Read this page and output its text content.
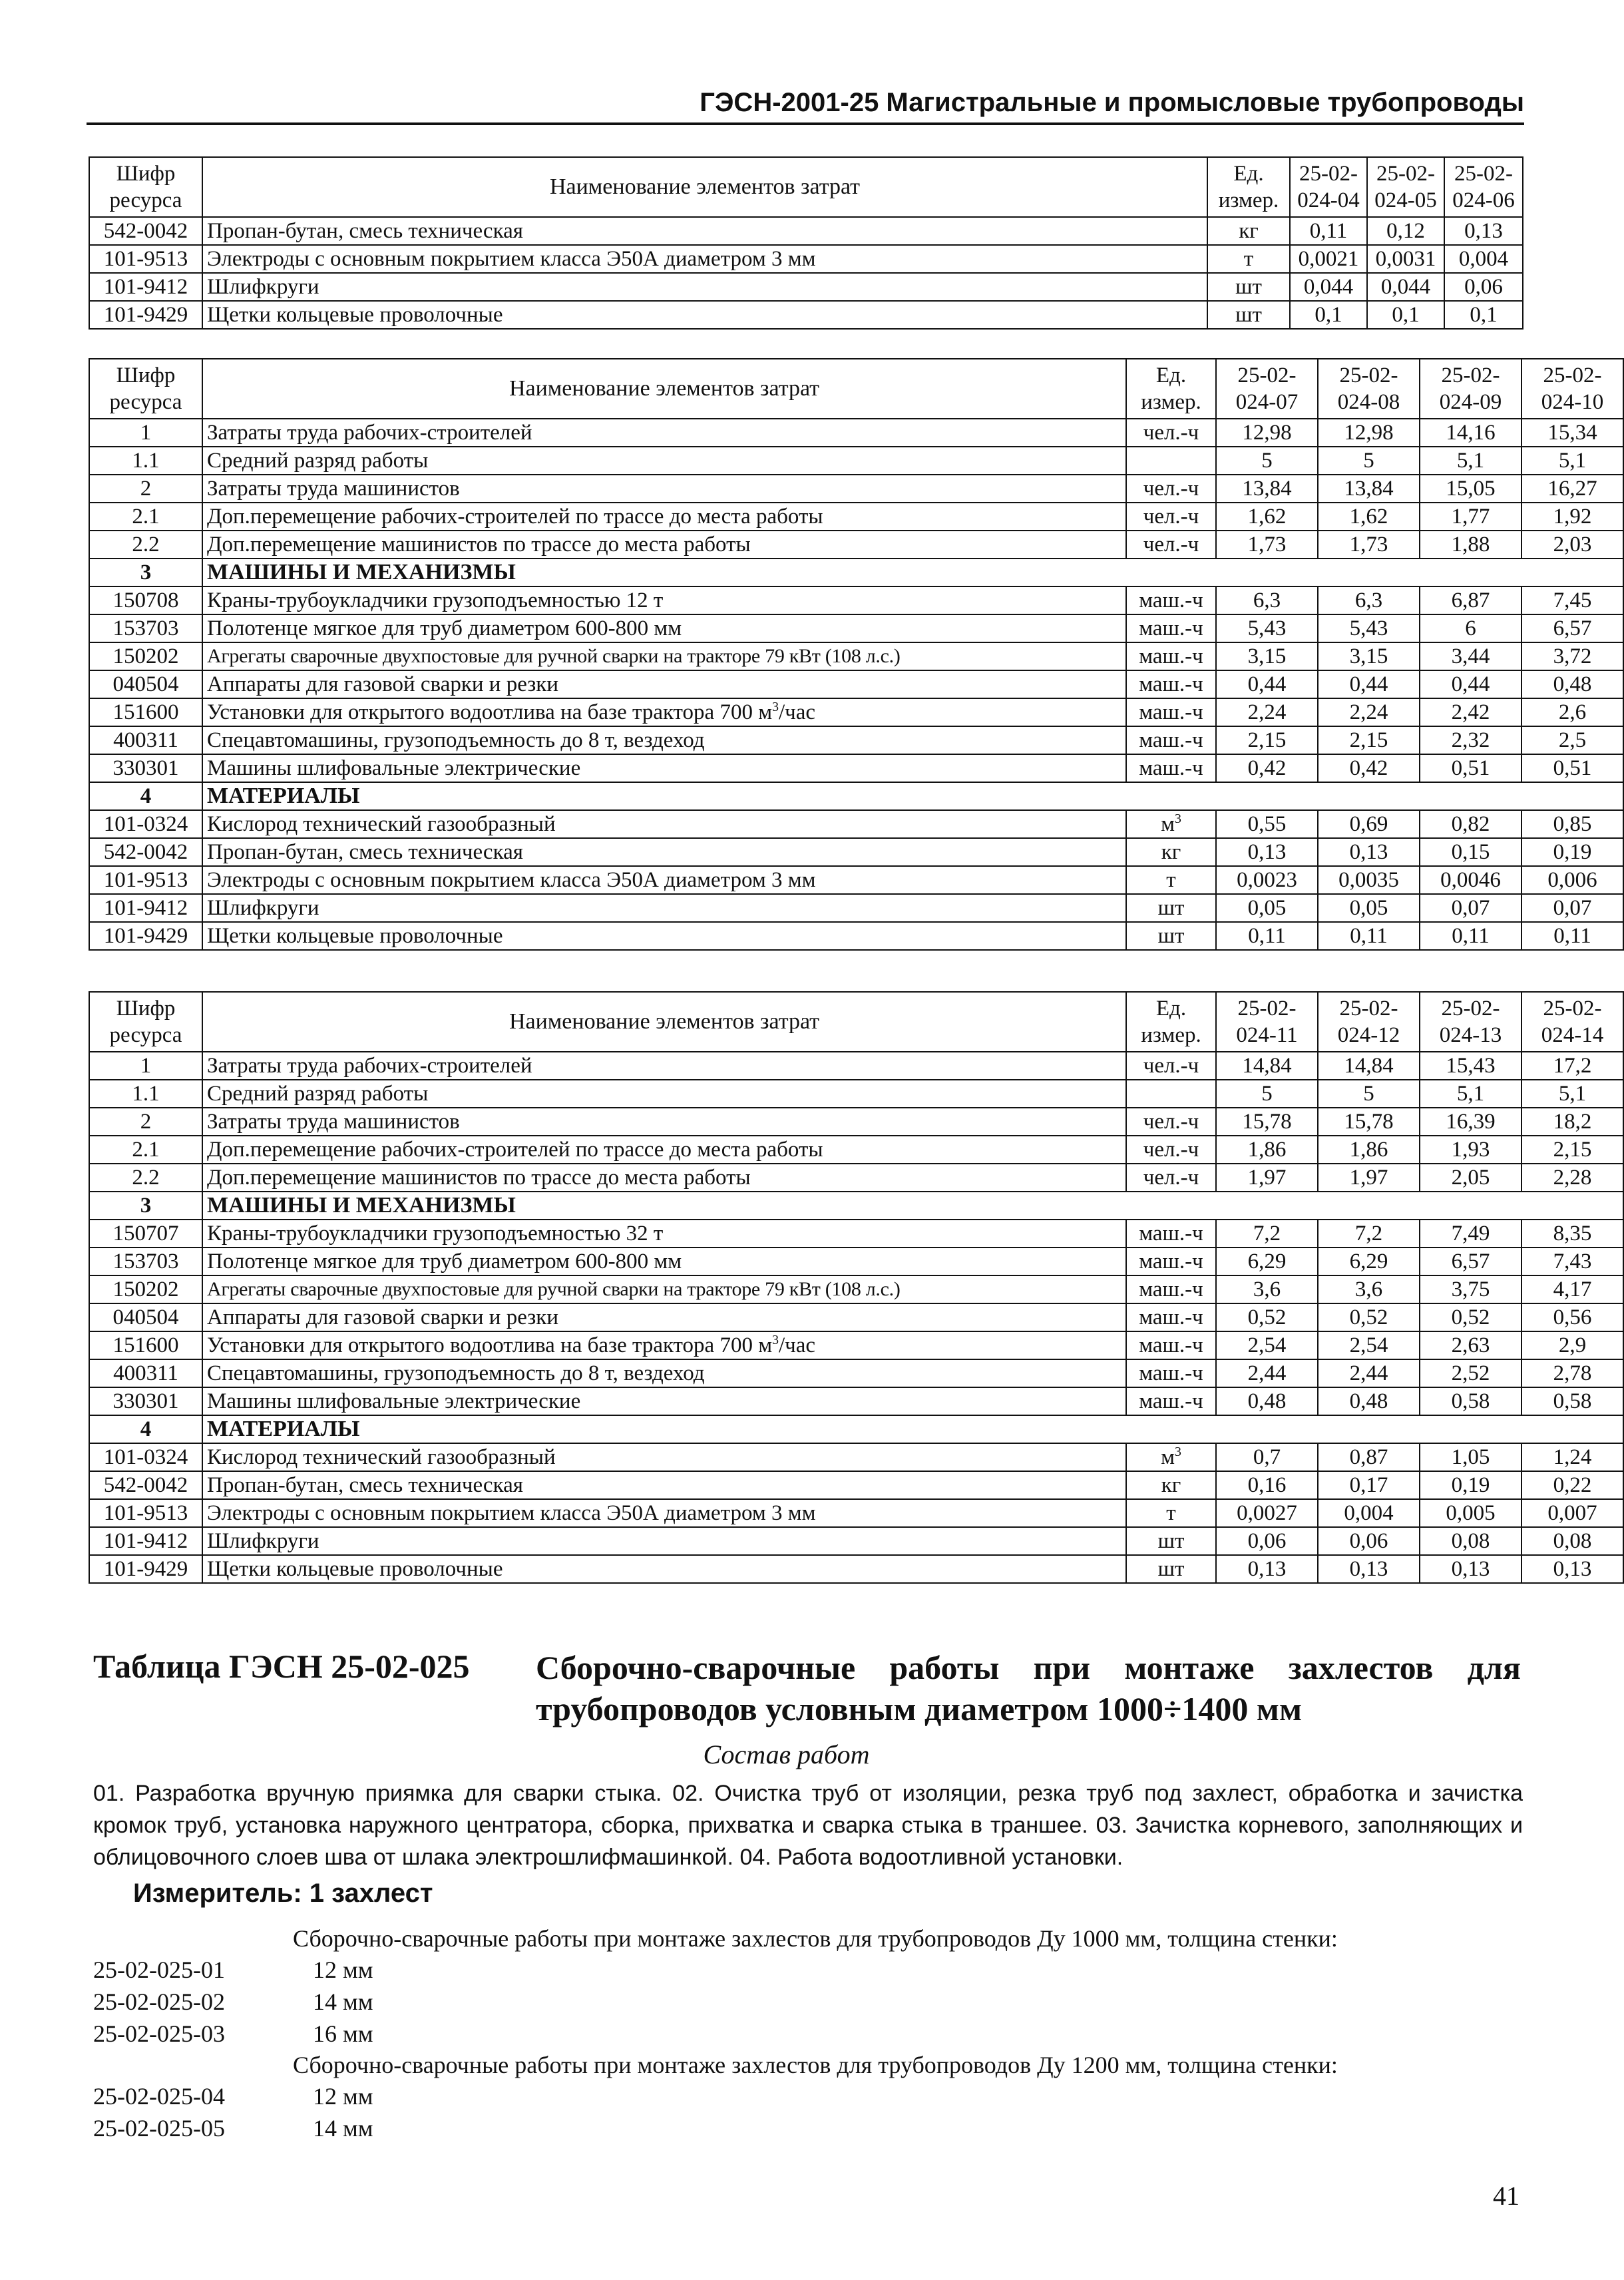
ГЭСН-2001-25 Магистральные и промысловые трубопроводы
Шифр ресурса	Наименование элементов затрат	Ед. измер.	25-02-024-04	25-02-024-05	25-02-024-06
542-0042	Пропан-бутан, смесь техническая	кг	0,11	0,12	0,13
101-9513	Электроды с основным покрытием класса Э50А диаметром 3 мм	т	0,0021	0,0031	0,004
101-9412	Шлифкруги	шт	0,044	0,044	0,06
101-9429	Щетки кольцевые проволочные	шт	0,1	0,1	0,1
Шифр ресурса	Наименование элементов затрат	Ед. измер.	25-02-024-07	25-02-024-08	25-02-024-09	25-02-024-10
1	Затраты труда рабочих-строителей	чел.-ч	12,98	12,98	14,16	15,34
1.1	Средний разряд работы		5	5	5,1	5,1
2	Затраты труда машинистов	чел.-ч	13,84	13,84	15,05	16,27
2.1	Доп.перемещение рабочих-строителей по трассе до места работы	чел.-ч	1,62	1,62	1,77	1,92
2.2	Доп.перемещение машинистов по трассе до места работы	чел.-ч	1,73	1,73	1,88	2,03
3	МАШИНЫ И МЕХАНИЗМЫ					
150708	Краны-трубоукладчики грузоподъемностью 12 т	маш.-ч	6,3	6,3	6,87	7,45
153703	Полотенце мягкое для труб диаметром 600-800 мм	маш.-ч	5,43	5,43	6	6,57
150202	Агрегаты сварочные двухпостовые для ручной сварки на тракторе 79 кВт (108 л.с.)	маш.-ч	3,15	3,15	3,44	3,72
040504	Аппараты для газовой сварки и резки	маш.-ч	0,44	0,44	0,44	0,48
151600	Установки для открытого водоотлива на базе трактора 700 $м^3$/час	маш.-ч	2,24	2,24	2,42	2,6
400311	Спецавтомашины, грузоподъемность до 8 т, вездеход	маш.-ч	2,15	2,15	2,32	2,5
330301	Машины шлифовальные электрические	маш.-ч	0,42	0,42	0,51	0,51
4	МАТЕРИАЛЫ					
101-0324	Кислород технический газообразный	$м^3$	0,55	0,69	0,82	0,85
542-0042	Пропан-бутан, смесь техническая	кг	0,13	0,13	0,15	0,19
101-9513	Электроды с основным покрытием класса Э50А диаметром 3 мм	т	0,0023	0,0035	0,0046	0,006
101-9412	Шлифкруги	шт	0,05	0,05	0,07	0,07
101-9429	Щетки кольцевые проволочные	шт	0,11	0,11	0,11	0,11
Шифр ресурса	Наименование элементов затрат	Ед. измер.	25-02-024-11	25-02-024-12	25-02-024-13	25-02-024-14
1	Затраты труда рабочих-строителей	чел.-ч	14,84	14,84	15,43	17,2
1.1	Средний разряд работы		5	5	5,1	5,1
2	Затраты труда машинистов	чел.-ч	15,78	15,78	16,39	18,2
2.1	Доп.перемещение рабочих-строителей по трассе до места работы	чел.-ч	1,86	1,86	1,93	2,15
2.2	Доп.перемещение машинистов по трассе до места работы	чел.-ч	1,97	1,97	2,05	2,28
3	МАШИНЫ И МЕХАНИЗМЫ					
150707	Краны-трубоукладчики грузоподъемностью 32 т	маш.-ч	7,2	7,2	7,49	8,35
153703	Полотенце мягкое для труб диаметром 600-800 мм	маш.-ч	6,29	6,29	6,57	7,43
150202	Агрегаты сварочные двухпостовые для ручной сварки на тракторе 79 кВт (108 л.с.)	маш.-ч	3,6	3,6	3,75	4,17
040504	Аппараты для газовой сварки и резки	маш.-ч	0,52	0,52	0,52	0,56
151600	Установки для открытого водоотлива на базе трактора 700 $м^3$/час	маш.-ч	2,54	2,54	2,63	2,9
400311	Спецавтомашины, грузоподъемность до 8 т, вездеход	маш.-ч	2,44	2,44	2,52	2,78
330301	Машины шлифовальные электрические	маш.-ч	0,48	0,48	0,58	0,58
4	МАТЕРИАЛЫ					
101-0324	Кислород технический газообразный	$м^3$	0,7	0,87	1,05	1,24
542-0042	Пропан-бутан, смесь техническая	кг	0,16	0,17	0,19	0,22
101-9513	Электроды с основным покрытием класса Э50А диаметром 3 мм	т	0,0027	0,004	0,005	0,007
101-9412	Шлифкруги	шт	0,06	0,06	0,08	0,08
101-9429	Щетки кольцевые проволочные	шт	0,13	0,13	0,13	0,13
Таблица ГЭСН 25-02-025 Сборочно-сварочные работы при монтаже захлестов для трубопроводов условным диаметром 1000÷1400 мм
Состав работ
01. Разработка вручную приямка для сварки стыка. 02. Очистка труб от изоляции, резка труб под захлест, обработка и зачистка кромок труб, установка наружного центратора, сборка, прихватка и сварка стыка в траншее. 03. Зачистка корневого, заполняющих и облицовочного слоев шва от шлака электрошлифмашинкой. 04. Работа водоотливной установки.
Измеритель: 1 захлест
Сборочно-сварочные работы при монтаже захлестов для трубопроводов Ду 1000 мм, толщина стенки:
25-02-025-01	12 мм
25-02-025-02	14 мм
25-02-025-03	16 мм
Сборочно-сварочные работы при монтаже захлестов для трубопроводов Ду 1200 мм, толщина стенки:
25-02-025-04	12 мм
25-02-025-05	14 мм
41
